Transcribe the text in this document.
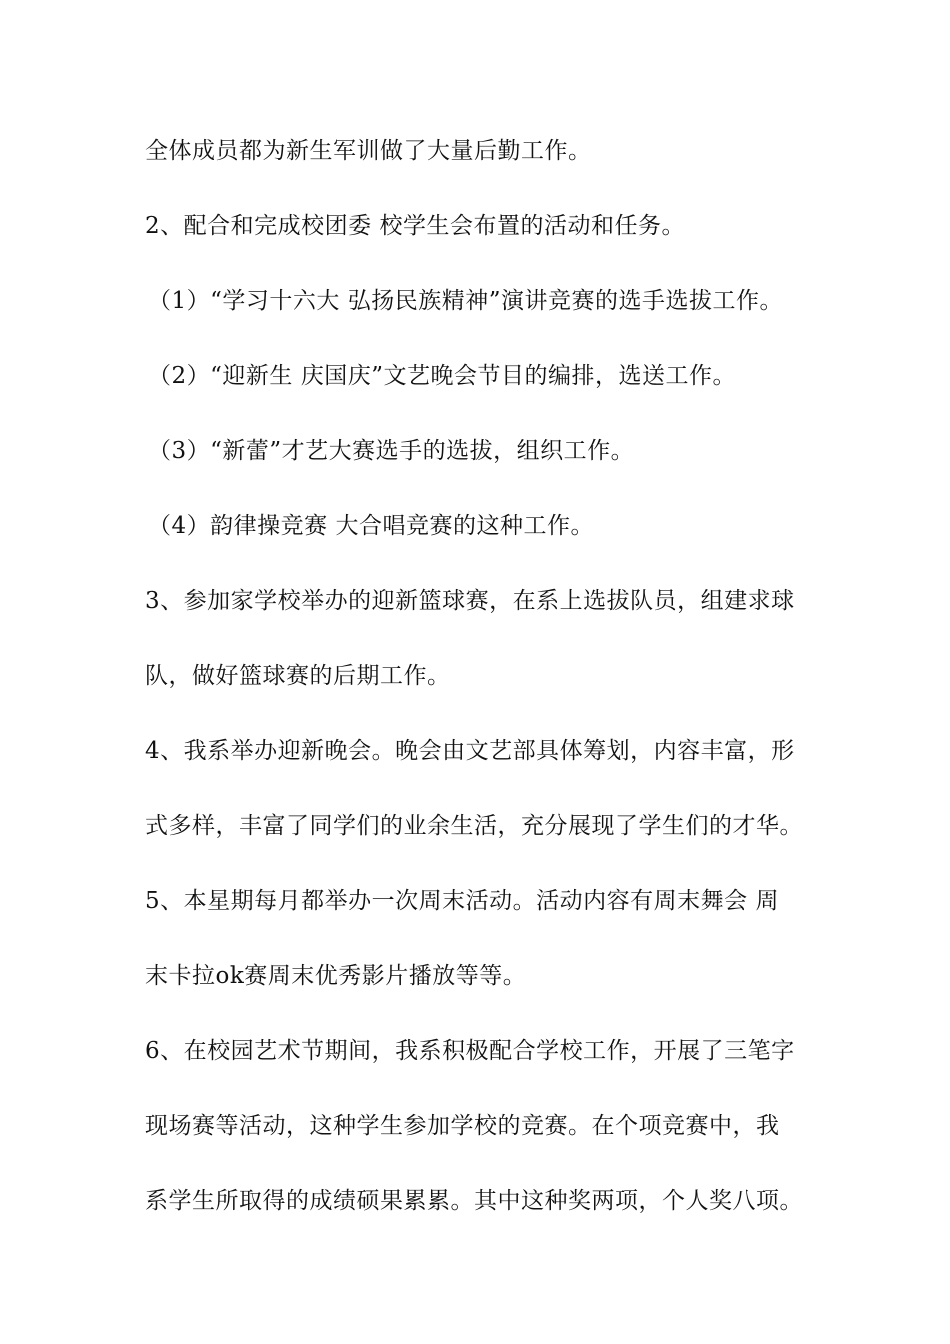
全体成员都为新生军训做了大量后勤工作。
2、配合和完成校团委 校学生会布置的活动和任务。
（1）“学习十六大 弘扬民族精神”演讲竞赛的选手选拔工作。
（2）“迎新生 庆国庆”文艺晚会节目的编排，选送工作。
（3）“新蕾”才艺大赛选手的选拔，组织工作。
（4）韵律操竞赛 大合唱竞赛的这种工作。
3、参加家学校举办的迎新篮球赛，在系上选拔队员，组建求球
队，做好篮球赛的后期工作。
4、我系举办迎新晚会。晚会由文艺部具体筹划，内容丰富，形
式多样，丰富了同学们的业余生活，充分展现了学生们的才华。
5、本星期每月都举办一次周末活动。活动内容有周末舞会 周
末卡拉ok赛周末优秀影片播放等等。
6、在校园艺术节期间，我系积极配合学校工作，开展了三笔字
现场赛等活动，这种学生参加学校的竞赛。在个项竞赛中，我
系学生所取得的成绩硕果累累。其中这种奖两项，个人奖八项。
